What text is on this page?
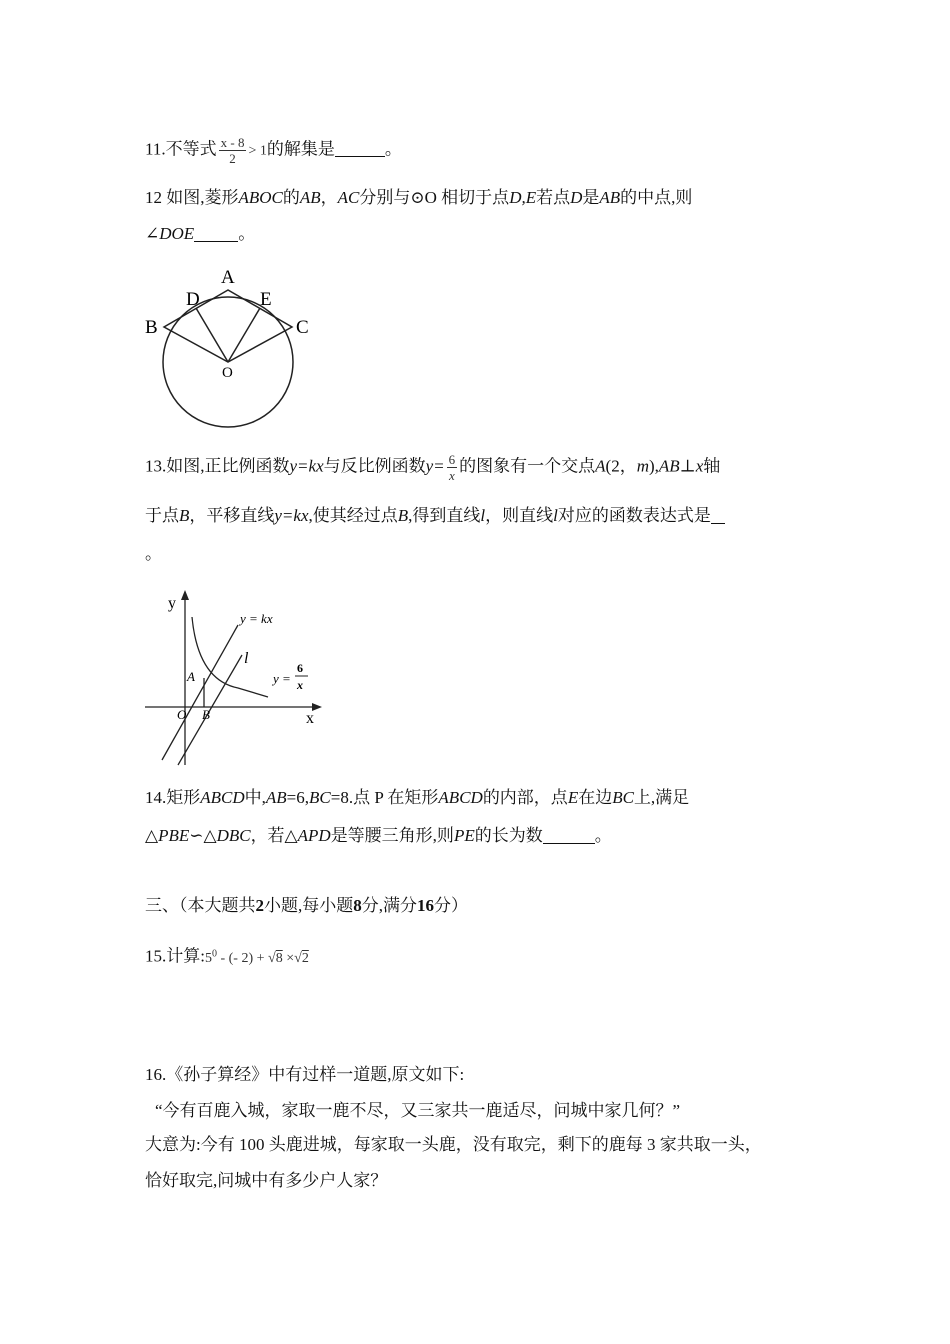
11.不等式 $\frac{x - 8}{2} > 1$的解集是	。
12 如图,菱形ABOC的AB，AC分别与⊙O 相切于点D,E若点D是AB的中点,则
∠DOE	。
A
B	C
D	E
O
13.如图,正比例函数y=kx与反比例函数$y= \frac{6}{x}$ 的图象有一个交点A(2，m),AB⊥x轴
于点B，平移直线y=kx,使其经过点B,得到直线l，则直线l对应的函数表达式是
。
y
x
y = kx
l
y =
6
x
A
O B
14.矩形ABCD中,AB=6,BC=8.点 P 在矩形ABCD的内部，点E在边BC上,满足
△PBE∽△DBC，若△APD是等腰三角形,则PE的长为数	。
三、（本大题共2小题,每小题8分,满分16分）
15.计算$:5^0$ - (- 2) + √8 ×√2
16.《孙子算经》中有过样一道题,原文如下:
“今有百鹿入城，家取一鹿不尽，又三家共一鹿适尽，问城中家几何？”
大意为:今有 100 头鹿进城，每家取一头鹿，没有取完，剩下的鹿每 3 家共取一头，
恰好取完,问城中有多少户人家？
